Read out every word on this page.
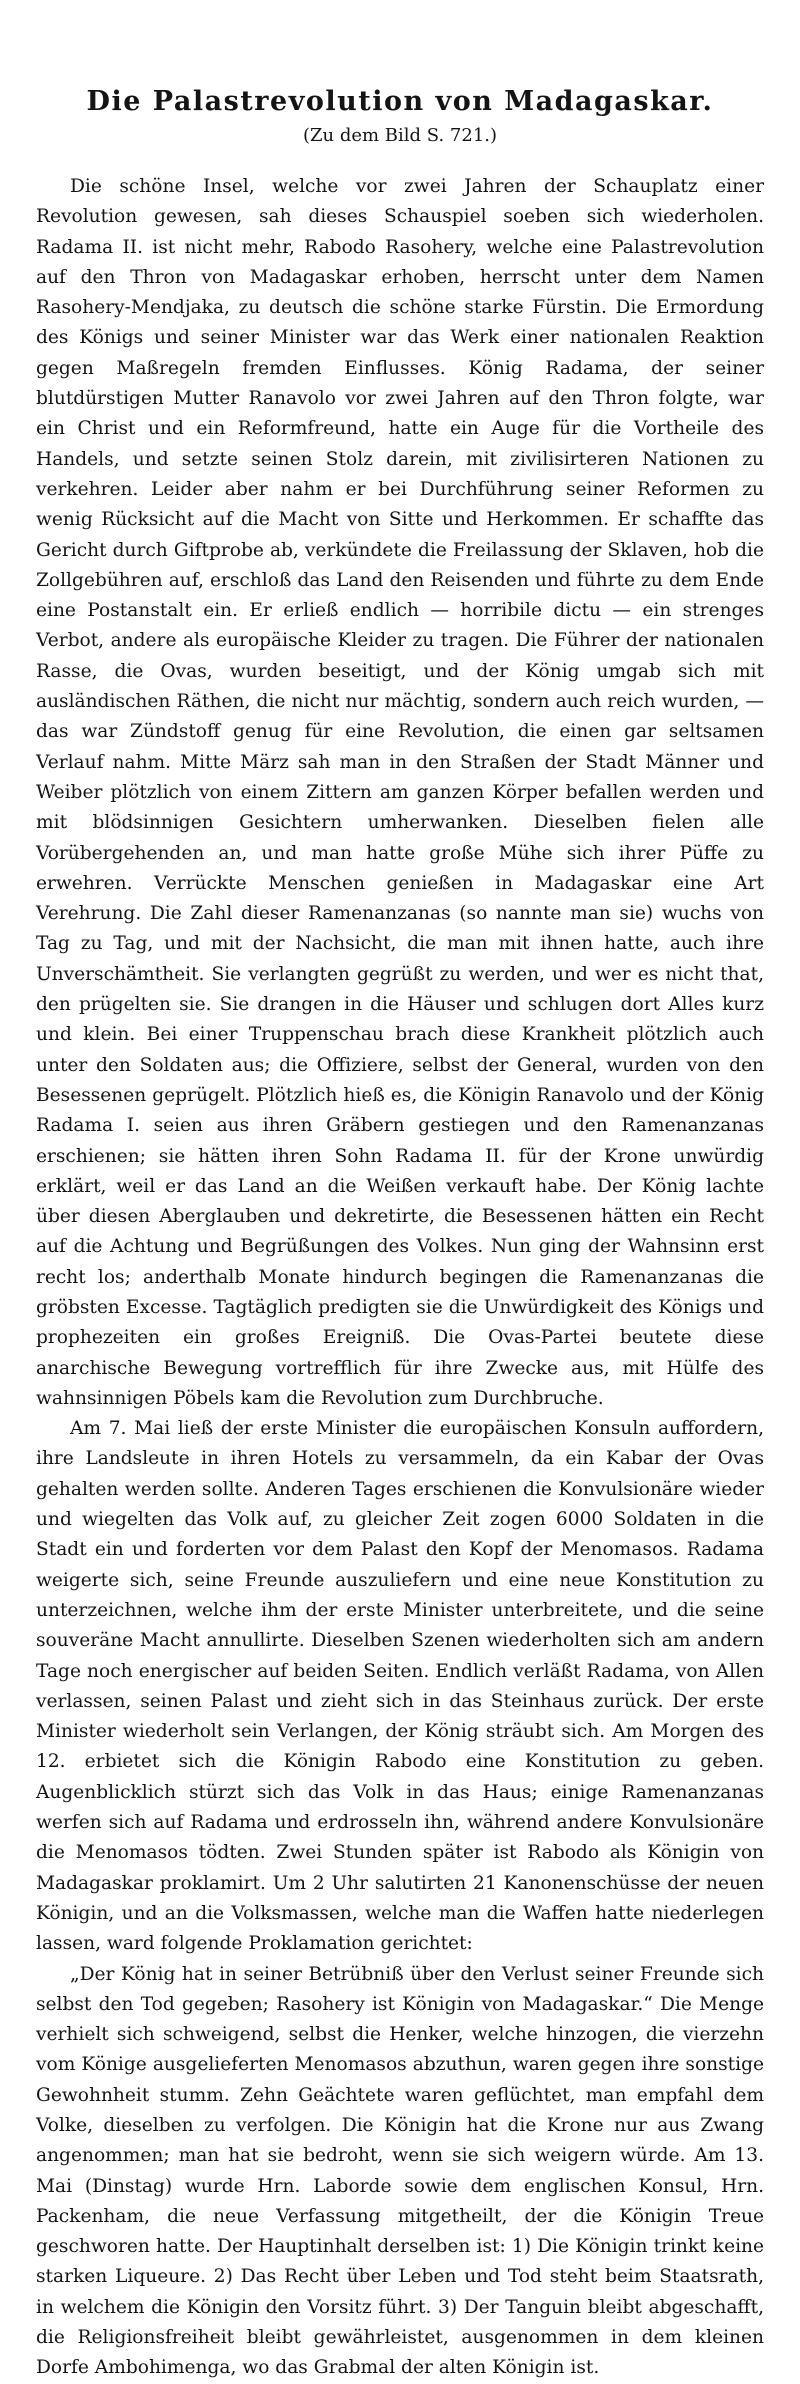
Die Palastrevolution von Madagaskar.
(Zu dem Bild S. 721.)

Die schöne Insel, welche vor zwei Jahren der Schauplatz einer Revolution gewesen, sah dieses Schauspiel soeben sich wiederholen. Radama II. ist nicht mehr, Rabodo Rasohery, welche eine Palastrevolution auf den Thron von Madagaskar erhoben, herrscht unter dem Namen Rasohery-Mendjaka, zu deutsch die schöne starke Fürstin. Die Ermordung des Königs und seiner Minister war das Werk einer nationalen Reaktion gegen Maßregeln fremden Einflusses. König Radama, der seiner blutdürstigen Mutter Ranavolo vor zwei Jahren auf den Thron folgte, war ein Christ und ein Reformfreund, hatte ein Auge für die Vortheile des Handels, und setzte seinen Stolz darein, mit zivilisirteren Nationen zu verkehren. Leider aber nahm er bei Durchführung seiner Reformen zu wenig Rücksicht auf die Macht von Sitte und Herkommen. Er schaffte das Gericht durch Giftprobe ab, verkündete die Freilassung der Sklaven, hob die Zollgebühren auf, erschloß das Land den Reisenden und führte zu dem Ende eine Postanstalt ein. Er erließ endlich — horribile dictu — ein strenges Verbot, andere als europäische Kleider zu tragen. Die Führer der nationalen Rasse, die Ovas, wurden beseitigt, und der König umgab sich mit ausländischen Räthen, die nicht nur mächtig, sondern auch reich wurden, — das war Zündstoff genug für eine Revolution, die einen gar seltsamen Verlauf nahm. Mitte März sah man in den Straßen der Stadt Männer und Weiber plötzlich von einem Zittern am ganzen Körper befallen werden und mit blödsinnigen Gesichtern umherwanken. Dieselben fielen alle Vorübergehenden an, und man hatte große Mühe sich ihrer Püffe zu erwehren. Verrückte Menschen genießen in Madagaskar eine Art Verehrung. Die Zahl dieser Ramenanzanas (so nannte man sie) wuchs von Tag zu Tag, und mit der Nachsicht, die man mit ihnen hatte, auch ihre Unverschämtheit. Sie verlangten gegrüßt zu werden, und wer es nicht that, den prügelten sie. Sie drangen in die Häuser und schlugen dort Alles kurz und klein. Bei einer Truppenschau brach diese Krankheit plötzlich auch unter den Soldaten aus; die Offiziere, selbst der General, wurden von den Besessenen geprügelt. Plötzlich hieß es, die Königin Ranavolo und der König Radama I. seien aus ihren Gräbern gestiegen und den Ramenanzanas erschienen; sie hätten ihren Sohn Radama II. für der Krone unwürdig erklärt, weil er das Land an die Weißen verkauft habe. Der König lachte über diesen Aberglauben und dekretirte, die Besessenen hätten ein Recht auf die Achtung und Begrüßungen des Volkes. Nun ging der Wahnsinn erst recht los; anderthalb Monate hindurch begingen die Ramenanzanas die gröbsten Excesse. Tagtäglich predigten sie die Unwürdigkeit des Königs und prophezeiten ein großes Ereigniß. Die Ovas-Partei beutete diese anarchische Bewegung vortrefflich für ihre Zwecke aus, mit Hülfe des wahnsinnigen Pöbels kam die Revolution zum Durchbruche.

Am 7. Mai ließ der erste Minister die europäischen Konsuln auffordern, ihre Landsleute in ihren Hotels zu versammeln, da ein Kabar der Ovas gehalten werden sollte. Anderen Tages erschienen die Konvulsionäre wieder und wiegelten das Volk auf, zu gleicher Zeit zogen 6000 Soldaten in die Stadt ein und forderten vor dem Palast den Kopf der Menomasos. Radama weigerte sich, seine Freunde auszuliefern und eine neue Konstitution zu unterzeichnen, welche ihm der erste Minister unterbreitete, und die seine souveräne Macht annullirte. Dieselben Szenen wiederholten sich am andern Tage noch energischer auf beiden Seiten. Endlich verläßt Radama, von Allen verlassen, seinen Palast und zieht sich in das Steinhaus zurück. Der erste Minister wiederholt sein Verlangen, der König sträubt sich. Am Morgen des 12. erbietet sich die Königin Rabodo eine Konstitution zu geben. Augenblicklich stürzt sich das Volk in das Haus; einige Ramenanzanas werfen sich auf Radama und erdrosseln ihn, während andere Konvulsionäre die Menomasos tödten. Zwei Stunden später ist Rabodo als Königin von Madagaskar proklamirt. Um 2 Uhr salutirten 21 Kanonenschüsse der neuen Königin, und an die Volksmassen, welche man die Waffen hatte niederlegen lassen, ward folgende Proklamation gerichtet:

„Der König hat in seiner Betrübniß über den Verlust seiner Freunde sich selbst den Tod gegeben; Rasohery ist Königin von Madagaskar.“ Die Menge verhielt sich schweigend, selbst die Henker, welche hinzogen, die vierzehn vom Könige ausgelieferten Menomasos abzuthun, waren gegen ihre sonstige Gewohnheit stumm. Zehn Geächtete waren geflüchtet, man empfahl dem Volke, dieselben zu verfolgen. Die Königin hat die Krone nur aus Zwang angenommen; man hat sie bedroht, wenn sie sich weigern würde. Am 13. Mai (Dinstag) wurde Hrn. Laborde sowie dem englischen Konsul, Hrn. Packenham, die neue Verfassung mitgetheilt, der die Königin Treue geschworen hatte. Der Hauptinhalt derselben ist: 1) Die Königin trinkt keine starken Liqueure. 2) Das Recht über Leben und Tod steht beim Staatsrath, in welchem die Königin den Vorsitz führt. 3) Der Tanguin bleibt abgeschafft, die Religionsfreiheit bleibt gewährleistet, ausgenommen in dem kleinen Dorfe Ambohimenga, wo das Grabmal der alten Königin ist.
